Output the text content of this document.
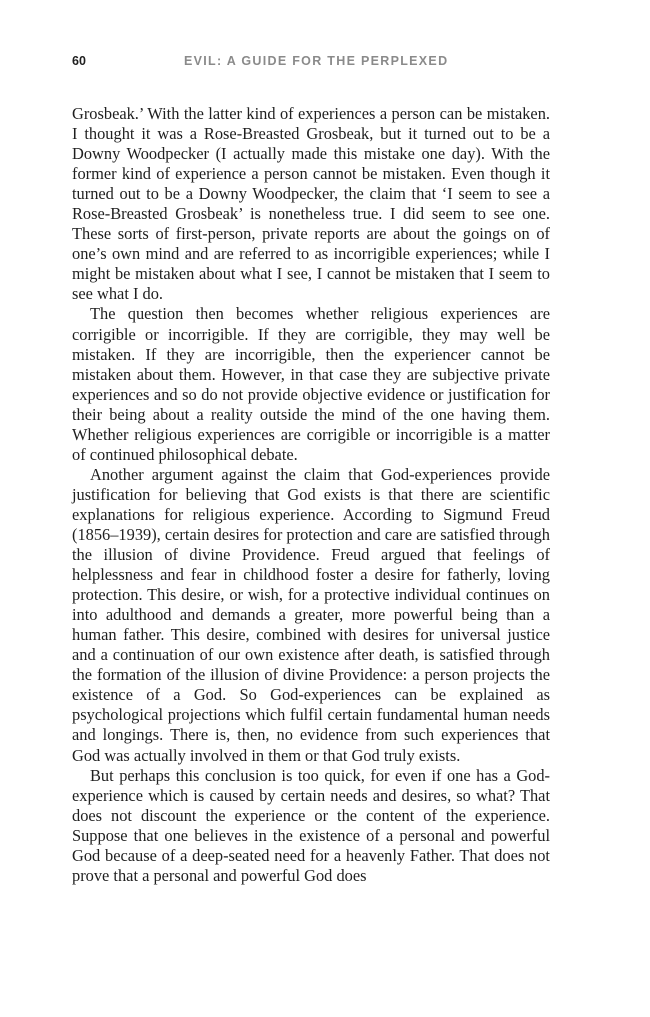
60	EVIL: A GUIDE FOR THE PERPLEXED

Grosbeak.’ With the latter kind of experiences a person can be mistaken. I thought it was a Rose-Breasted Grosbeak, but it turned out to be a Downy Woodpecker (I actually made this mistake one day). With the former kind of experience a person cannot be mistaken. Even though it turned out to be a Downy Woodpecker, the claim that ‘I seem to see a Rose-Breasted Grosbeak’ is nonetheless true. I did seem to see one. These sorts of first-person, private reports are about the goings on of one’s own mind and are referred to as incorrigible experiences; while I might be mistaken about what I see, I cannot be mistaken that I seem to see what I do.

The question then becomes whether religious experiences are corrigible or incorrigible. If they are corrigible, they may well be mistaken. If they are incorrigible, then the experiencer cannot be mistaken about them. However, in that case they are subjective private experiences and so do not provide objective evidence or justification for their being about a reality outside the mind of the one having them. Whether religious experiences are corrigible or incorrigible is a matter of continued philosophical debate.

Another argument against the claim that God-experiences provide justification for believing that God exists is that there are scientific explanations for religious experience. According to Sigmund Freud (1856–1939), certain desires for protection and care are satisfied through the illusion of divine Providence. Freud argued that feelings of helplessness and fear in childhood foster a desire for fatherly, loving protection. This desire, or wish, for a protective individual continues on into adulthood and demands a greater, more powerful being than a human father. This desire, combined with desires for universal justice and a continuation of our own existence after death, is satisfied through the formation of the illusion of divine Providence: a person projects the existence of a God. So God-experiences can be explained as psychological projections which fulfil certain fundamental human needs and longings. There is, then, no evidence from such experiences that God was actually involved in them or that God truly exists.

But perhaps this conclusion is too quick, for even if one has a God-experience which is caused by certain needs and desires, so what? That does not discount the experience or the content of the experience. Suppose that one believes in the existence of a personal and powerful God because of a deep-seated need for a heavenly Father. That does not prove that a personal and powerful God does
